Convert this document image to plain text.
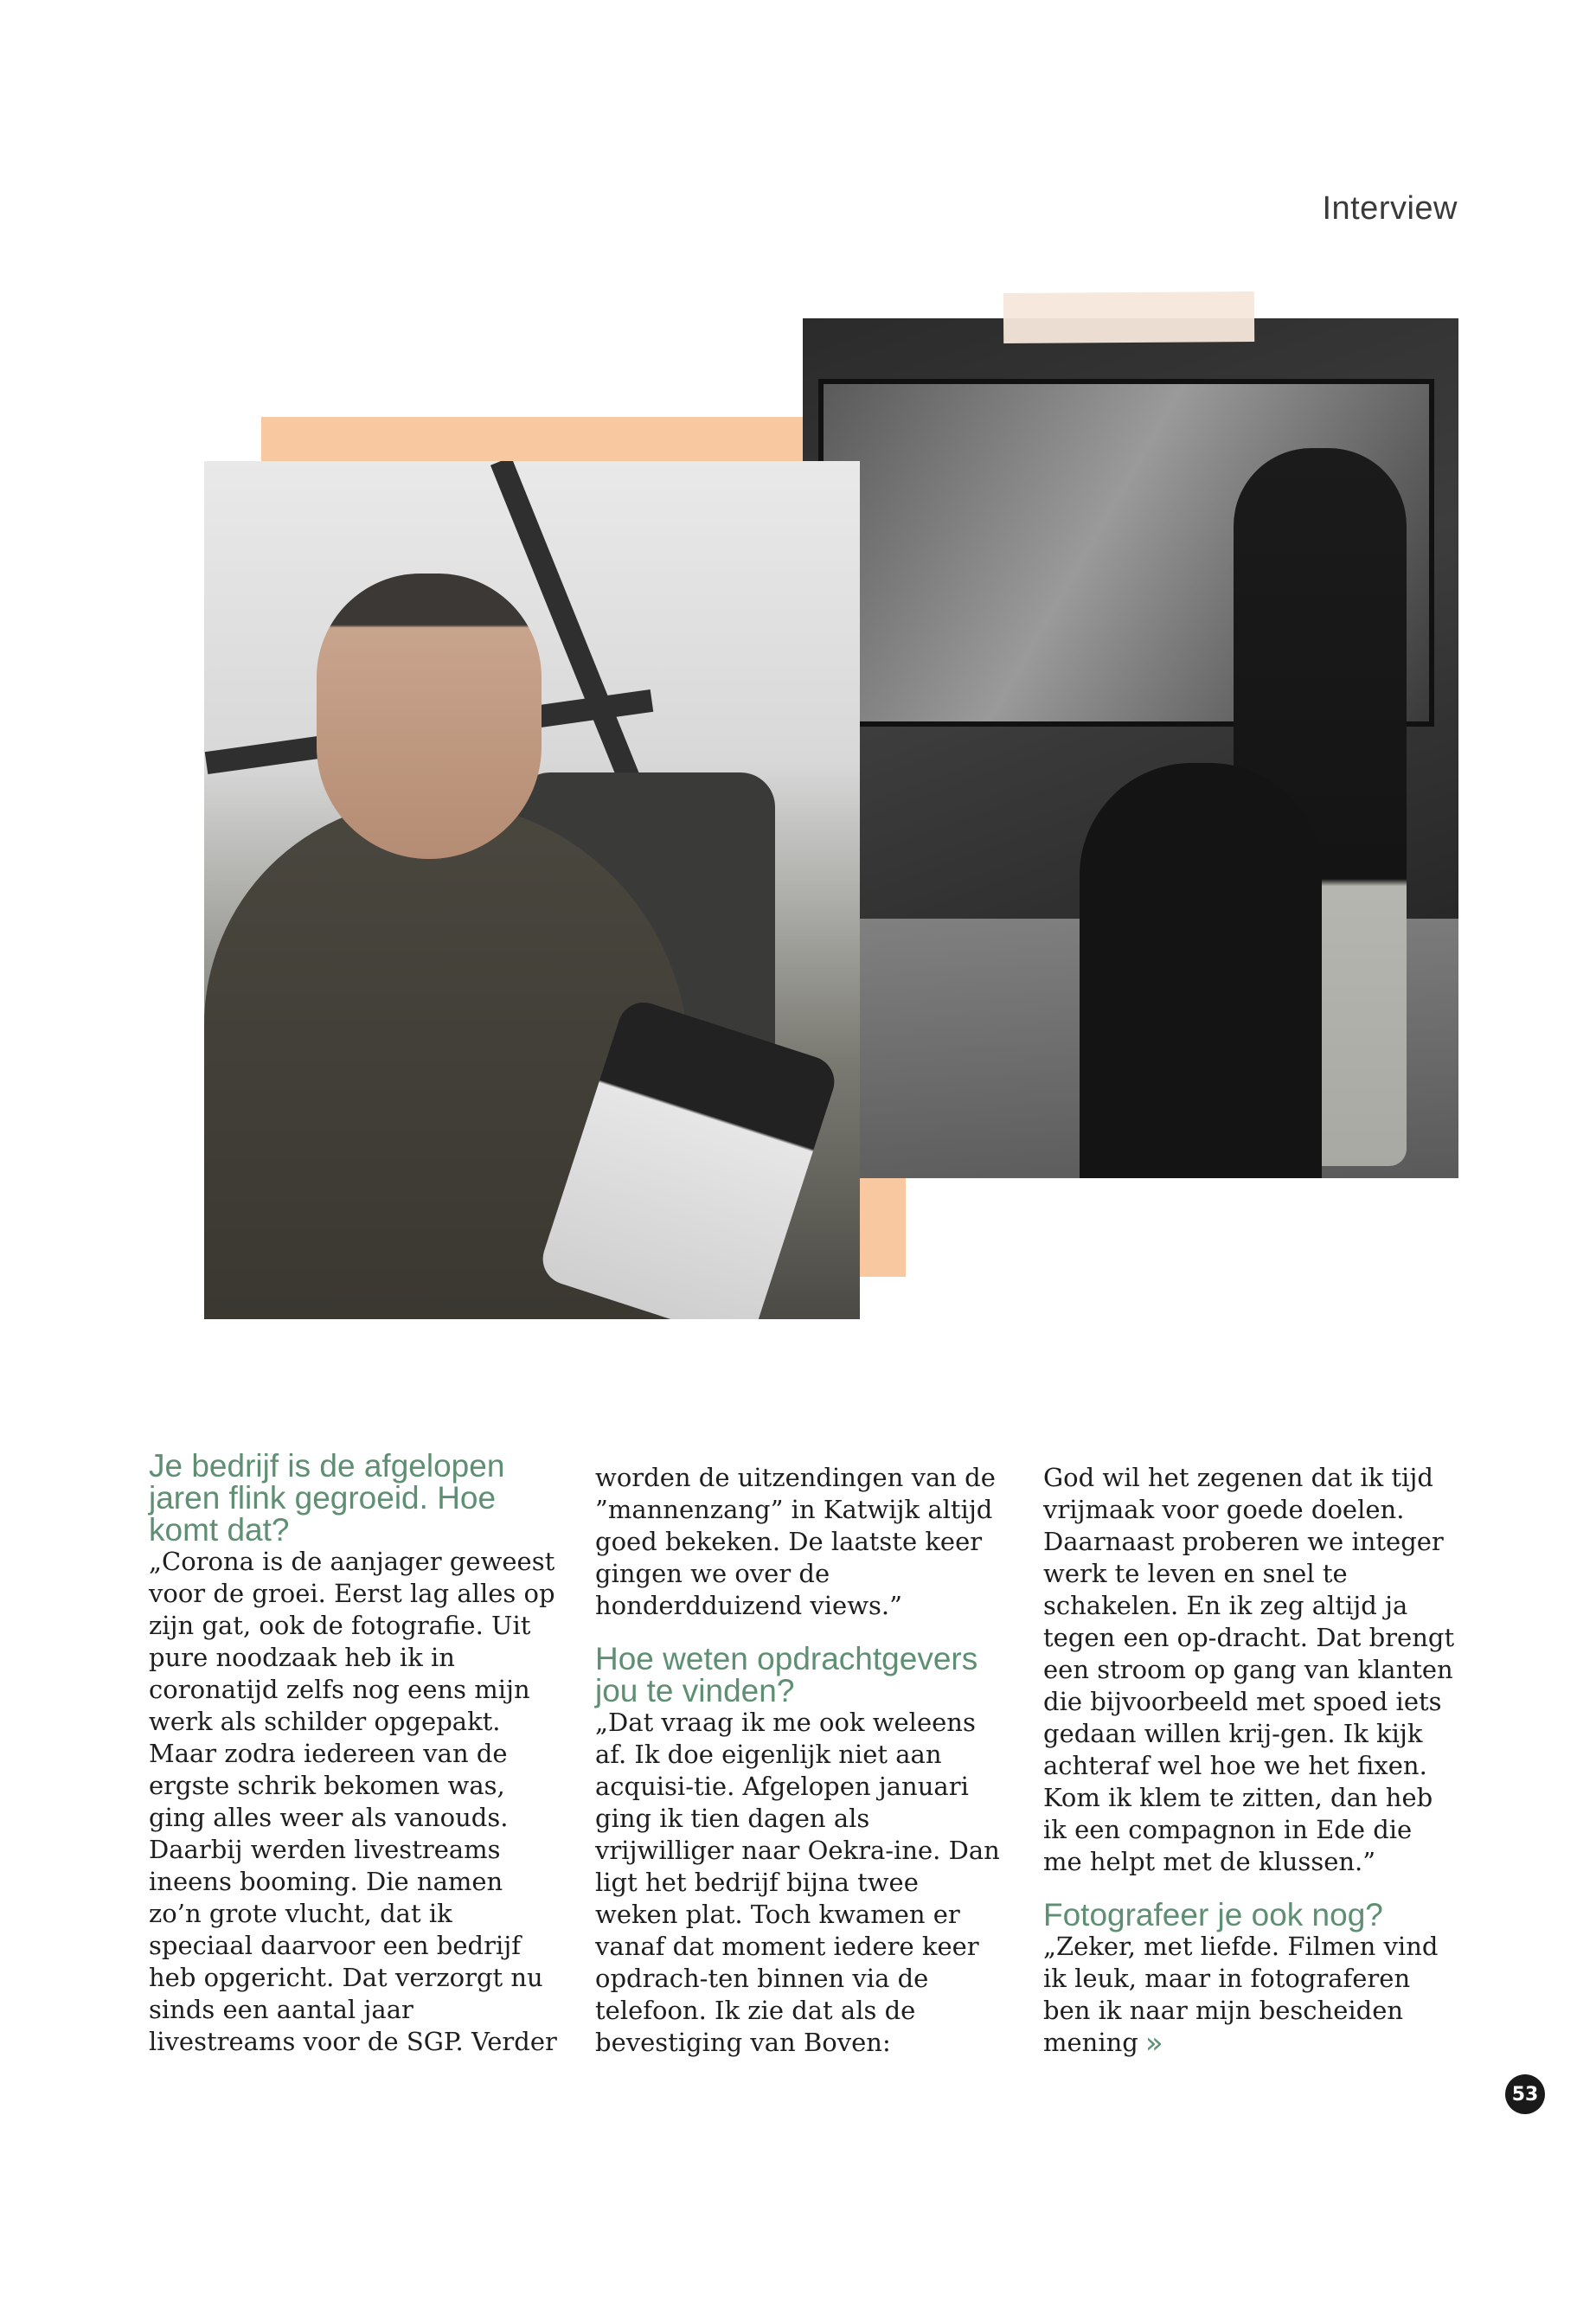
Interview
Je bedrijf is de afgelopen jaren flink gegroeid. Hoe komt dat?

„Corona is de aanjager geweest voor de groei. Eerst lag alles op zijn gat, ook de fotografie. Uit pure noodzaak heb ik in coronatijd zelfs nog eens mijn werk als schilder opgepakt. Maar zodra iedereen van de ergste schrik bekomen was, ging alles weer als vanouds. Daarbij werden livestreams ineens booming. Die namen zo’n grote vlucht, dat ik speciaal daarvoor een bedrijf heb opgericht. Dat verzorgt nu sinds een aantal jaar livestreams voor de SGP. Verder

worden de uitzendingen van de ”mannenzang” in Katwijk altijd goed bekeken. De laatste keer gingen we over de honderdduizend views.”

Hoe weten opdrachtgevers jou te vinden?

„Dat vraag ik me ook weleens af. Ik doe eigenlijk niet aan acquisi-tie. Afgelopen januari ging ik tien dagen als vrijwilliger naar Oekra-ine. Dan ligt het bedrijf bijna twee weken plat. Toch kwamen er vanaf dat moment iedere keer opdrach-ten binnen via de telefoon. Ik zie dat als de bevestiging van Boven:

God wil het zegenen dat ik tijd vrijmaak voor goede doelen. Daarnaast proberen we integer werk te leven en snel te schakelen. En ik zeg altijd ja tegen een op-dracht. Dat brengt een stroom op gang van klanten die bijvoorbeeld met spoed iets gedaan willen krij-gen. Ik kijk achteraf wel hoe we het fixen. Kom ik klem te zitten, dan heb ik een compagnon in Ede die me helpt met de klussen.”

Fotografeer je ook nog?

„Zeker, met liefde. Filmen vind ik leuk, maar in fotograferen ben ik naar mijn bescheiden mening »

53
